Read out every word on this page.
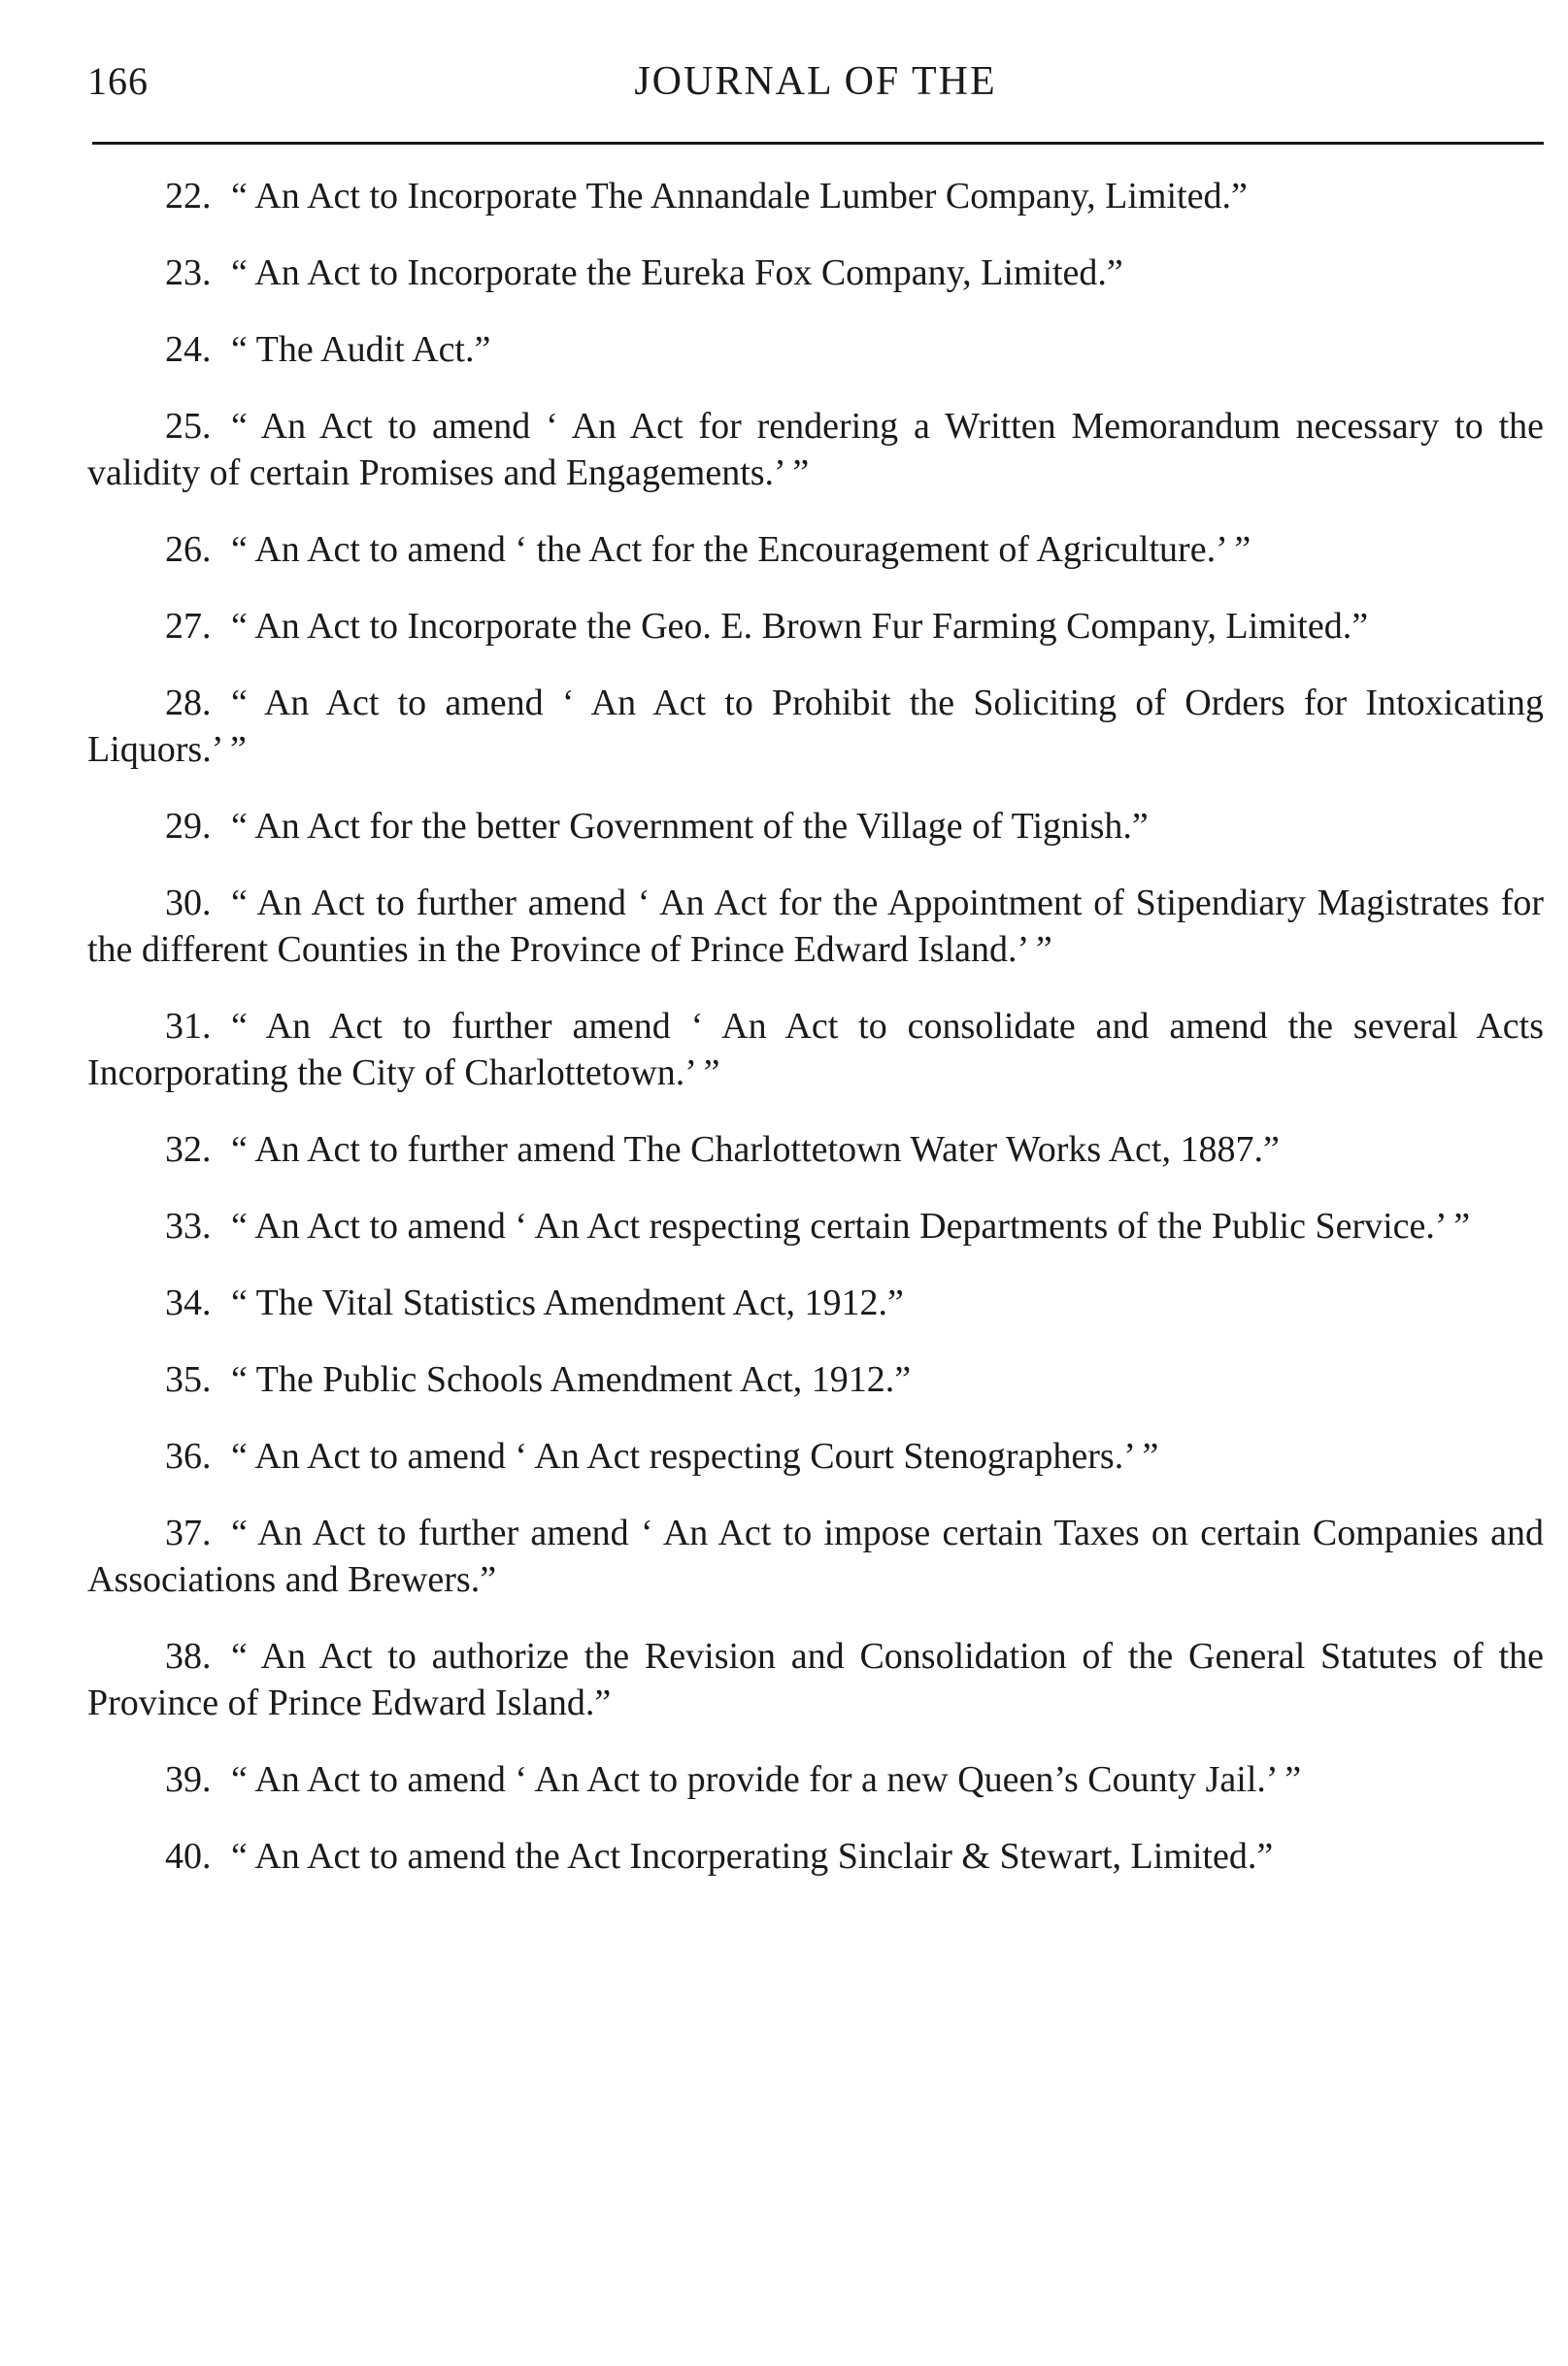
166	JOURNAL OF THE
22. “ An Act to Incorporate The Annandale Lumber Company, Limited.”
23. “ An Act to Incorporate the Eureka Fox Company, Limited.”
24. “ The Audit Act.”
25. “ An Act to amend ‘ An Act for rendering a Written Memorandum necessary to the validity of certain Promises and Engagements.’ ”
26. “ An Act to amend ‘ the Act for the Encouragement of Agriculture.’ ”
27. “ An Act to Incorporate the Geo. E. Brown Fur Farming Company, Limited.”
28. “ An Act to amend ‘ An Act to Prohibit the Soliciting of Orders for Intoxicating Liquors.’ ”
29. “ An Act for the better Government of the Village of Tignish.”
30. “ An Act to further amend ‘ An Act for the Appointment of Stipendiary Magistrates for the different Counties in the Province of Prince Edward Island.’ ”
31. “ An Act to further amend ‘ An Act to consolidate and amend the several Acts Incorporating the City of Charlottetown.’ ”
32. “ An Act to further amend The Charlottetown Water Works Act, 1887.”
33. “ An Act to amend ‘ An Act respecting certain Departments of the Public Service.’ ”
34. “ The Vital Statistics Amendment Act, 1912.”
35. “ The Public Schools Amendment Act, 1912.”
36. “ An Act to amend ‘ An Act respecting Court Stenographers.’ ”
37. “ An Act to further amend ‘ An Act to impose certain Taxes on certain Companies and Associations and Brewers.”
38. “ An Act to authorize the Revision and Consolidation of the General Statutes of the Province of Prince Edward Island.”
39. “ An Act to amend ‘ An Act to provide for a new Queen’s County Jail.’ ”
40. “ An Act to amend the Act Incorperating Sinclair & Stewart, Limited.”
